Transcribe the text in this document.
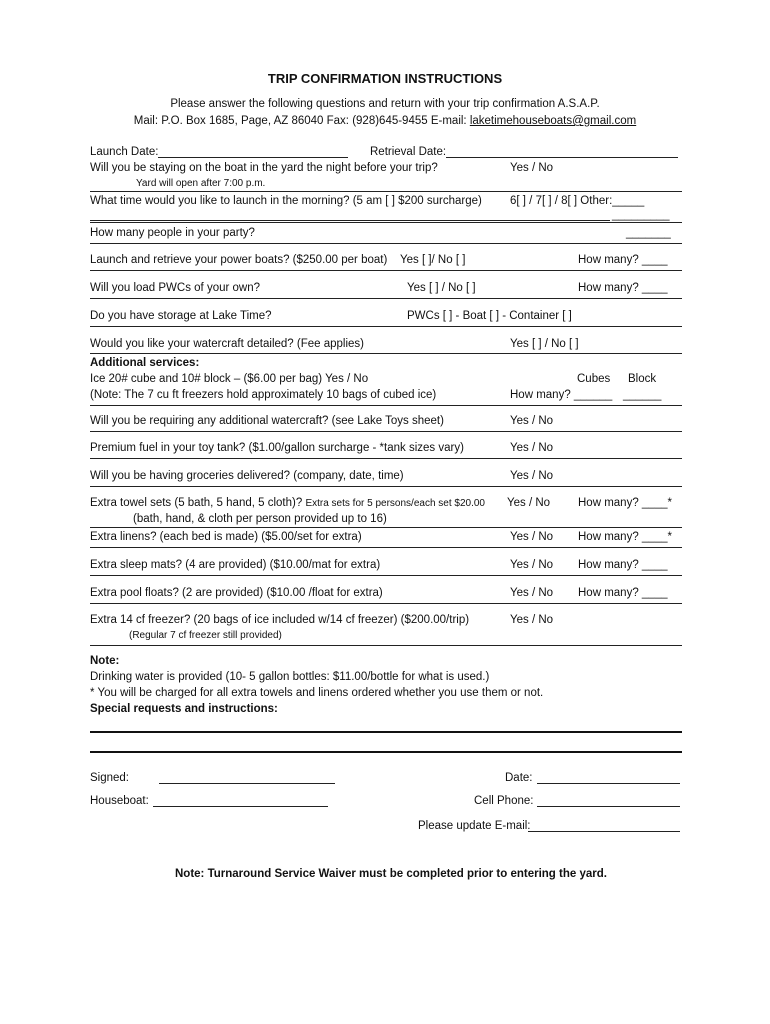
TRIP CONFIRMATION INSTRUCTIONS
Please answer the following questions and return with your trip confirmation A.S.A.P.
Mail: P.O. Box 1685, Page, AZ 86040 Fax: (928)645-9455 E-mail: laketimehouseboats@gmail.com
Launch Date:	Retrieval Date:
Will you be staying on the boat in the yard the night before your trip?	Yes / No
Yard will open after 7:00 p.m.
What time would you like to launch in the morning? (5 am [ ] $200 surcharge) 6[ ] / 7[ ] / 8[ ] Other:_____
_________
How many people in your party?	_______
Launch and retrieve your power boats? ($250.00 per boat) Yes [ ]/ No [ ]	How many? ____
Will you load PWCs of your own?	Yes [ ] / No [ ]	How many? ____
Do you have storage at Lake Time?	PWCs [ ] - Boat [ ] - Container [ ]
Would you like your watercraft detailed? (Fee applies)	Yes [ ] / No [ ]
Additional services:
Ice 20# cube and 10# block – ($6.00 per bag) Yes / No	Cubes Block
(Note: The 7 cu ft freezers hold approximately 10 bags of cubed ice)	How many? ______ ______
Will you be requiring any additional watercraft? (see Lake Toys sheet)	Yes / No
Premium fuel in your toy tank? ($1.00/gallon surcharge - *tank sizes vary)	Yes / No
Will you be having groceries delivered? (company, date, time)	Yes / No
Extra towel sets (5 bath, 5 hand, 5 cloth)? Extra sets for 5 persons/each set $20.00 Yes / No How many? ____*
(bath, hand, & cloth per person provided up to 16)
Extra linens? (each bed is made) ($5.00/set for extra)	Yes / No How many? ____*
Extra sleep mats? (4 are provided) ($10.00/mat for extra)	Yes / No How many? ____
Extra pool floats? (2 are provided) ($10.00 /float for extra)	Yes / No How many? ____
Extra 14 cf freezer? (20 bags of ice included w/14 cf freezer) ($200.00/trip)	Yes / No
(Regular 7 cf freezer still provided)
Note:
Drinking water is provided (10- 5 gallon bottles: $11.00/bottle for what is used.)
* You will be charged for all extra towels and linens ordered whether you use them or not.
Special requests and instructions:
Signed:	Date:
Houseboat:	Cell Phone:
Please update E-mail:
Note: Turnaround Service Waiver must be completed prior to entering the yard.
